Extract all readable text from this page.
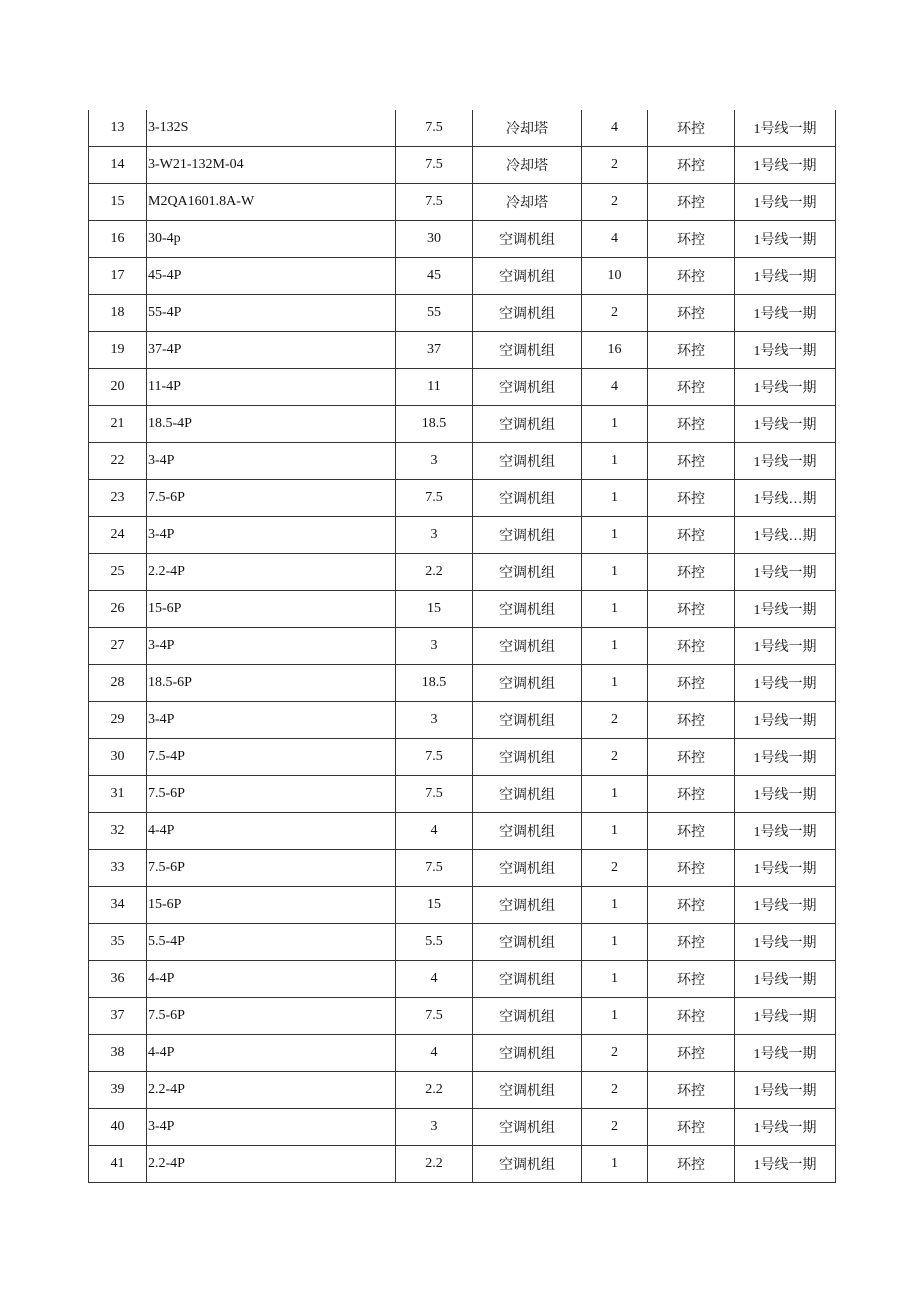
13	3-132S	7.5	冷却塔	4	环控	1号线一期
14	3-W21-132M-04	7.5	冷却塔	2	环控	1号线一期
15	M2QA1601.8A-W	7.5	冷却塔	2	环控	1号线一期
16	30-4p	30	空调机组	4	环控	1号线一期
17	45-4P	45	空调机组	10	环控	1号线一期
18	55-4P	55	空调机组	2	环控	1号线一期
19	37-4P	37	空调机组	16	环控	1号线一期
20	11-4P	11	空调机组	4	环控	1号线一期
21	18.5-4P	18.5	空调机组	1	环控	1号线一期
22	3-4P	3	空调机组	1	环控	1号线一期
23	7.5-6P	7.5	空调机组	1	环控	1号线…期
24	3-4P	3	空调机组	1	环控	1号线…期
25	2.2-4P	2.2	空调机组	1	环控	1号线一期
26	15-6P	15	空调机组	1	环控	1号线一期
27	3-4P	3	空调机组	1	环控	1号线一期
28	18.5-6P	18.5	空调机组	1	环控	1号线一期
29	3-4P	3	空调机组	2	环控	1号线一期
30	7.5-4P	7.5	空调机组	2	环控	1号线一期
31	7.5-6P	7.5	空调机组	1	环控	1号线一期
32	4-4P	4	空调机组	1	环控	1号线一期
33	7.5-6P	7.5	空调机组	2	环控	1号线一期
34	15-6P	15	空调机组	1	环控	1号线一期
35	5.5-4P	5.5	空调机组	1	环控	1号线一期
36	4-4P	4	空调机组	1	环控	1号线一期
37	7.5-6P	7.5	空调机组	1	环控	1号线一期
38	4-4P	4	空调机组	2	环控	1号线一期
39	2.2-4P	2.2	空调机组	2	环控	1号线一期
40	3-4P	3	空调机组	2	环控	1号线一期
41	2.2-4P	2.2	空调机组	1	环控	1号线一期
